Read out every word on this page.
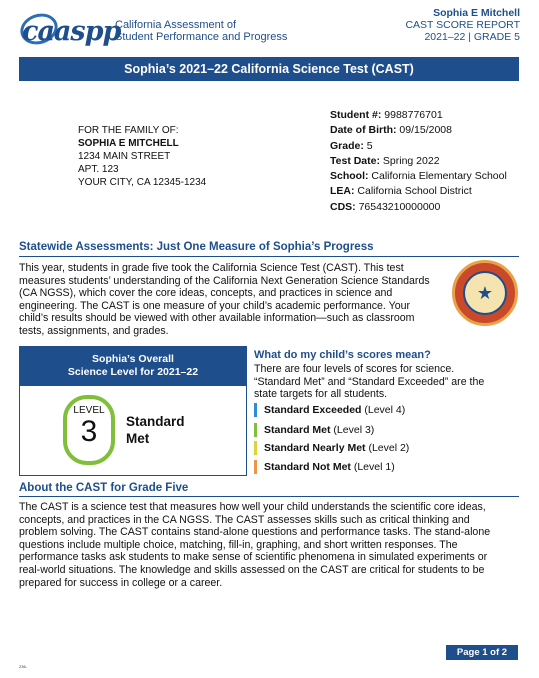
caaspp
California Assessment of
Student Performance and Progress
Sophia E Mitchell
CAST SCORE REPORT
2021–22 | GRADE 5
Sophia’s 2021–22 California Science Test (CAST)
FOR THE FAMILY OF:
SOPHIA E MITCHELL
1234 MAIN STREET
APT. 123
YOUR CITY, CA 12345-1234
Student #: 9988776701
Date of Birth: 09/15/2008
Grade: 5
Test Date: Spring 2022
School: California Elementary School
LEA: California School District
CDS: 76543210000000
Statewide Assessments: Just One Measure of Sophia’s Progress
This year, students in grade five took the California Science Test (CAST). This test
measures students’ understanding of the California Next Generation Science Standards
(CA NGSS), which cover the core ideas, concepts, and practices in science and
engineering. The CAST is one measure of your child’s academic performance. Your
child’s results should be viewed with other available information—such as classroom
tests, assignments, and grades.
★
Sophia’s Overall
Science Level for 2021–22
LEVEL
3	Standard
Met
What do my child’s scores mean?
There are four levels of scores for science.
“Standard Met” and “Standard Exceeded” are the
state targets for all students.
Standard Exceeded (Level 4)
Standard Met (Level 3)
Standard Nearly Met (Level 2)
Standard Not Met (Level 1)
About the CAST for Grade Five
The CAST is a science test that measures how well your child understands the scientific core ideas,
concepts, and practices in the CA NGSS. The CAST assesses skills such as critical thinking and
problem solving. The CAST contains stand-alone questions and performance tasks. The stand-alone
questions include multiple choice, matching, fill-in, graphing, and short written responses. The
performance tasks ask students to make sense of scientific phenomena in simulated experiments or
real-world situations. The knowledge and skills assessed on the CAST are critical for students to be
prepared for success in college or a career.
Page 1 of 2
236-
